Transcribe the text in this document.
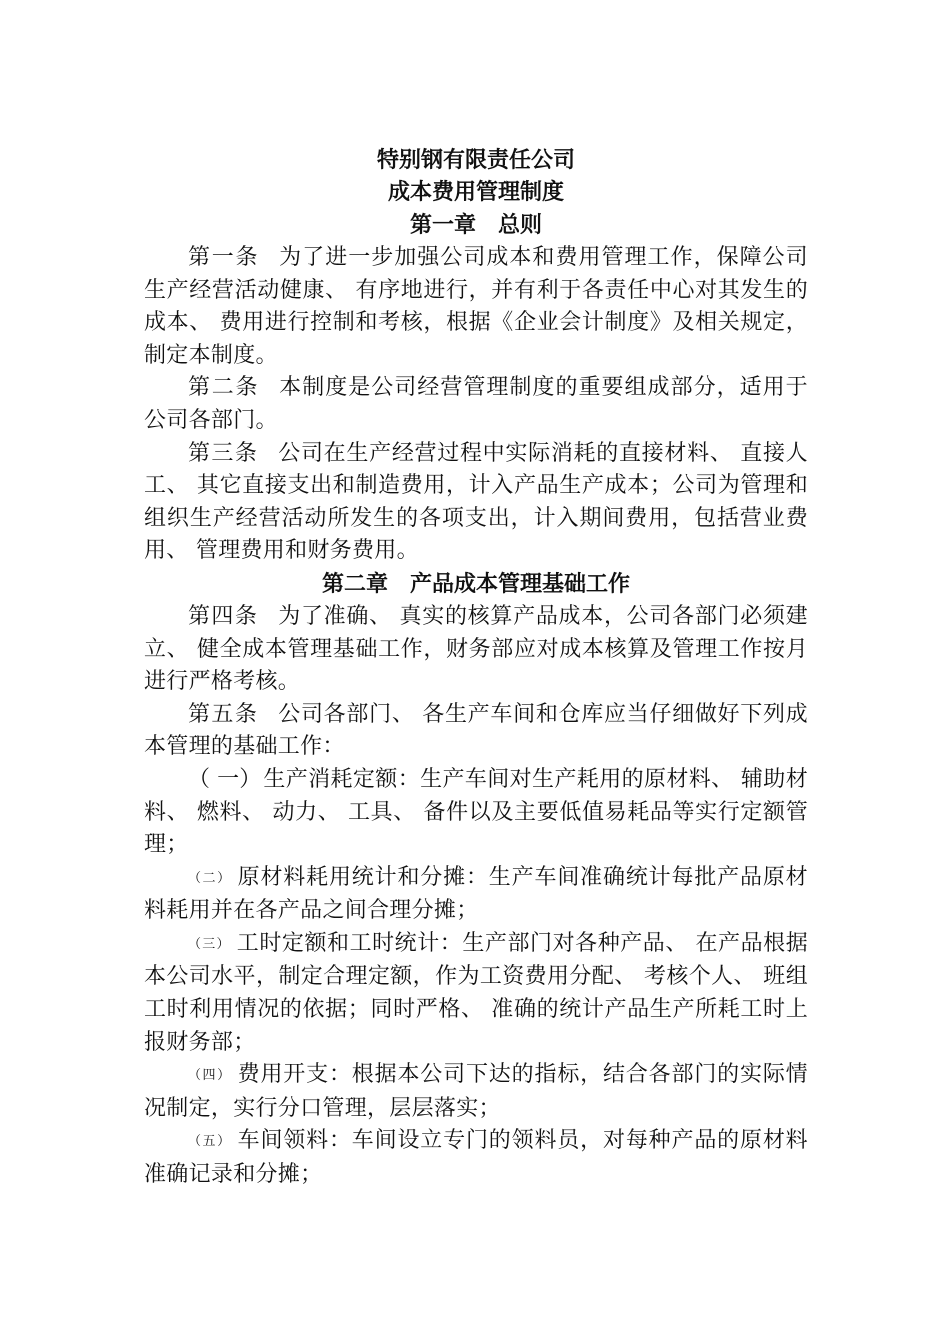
特别钢有限责任公司
成本费用管理制度
第一章　总则

第一条 为了进一步加强公司成本和费用管理工作，保障公司生产经营活动健康、 有序地进行，并有利于各责任中心对其发生的成本、 费用进行控制和考核，根据《企业会计制度》及相关规定，制定本制度。

第二条 本制度是公司经营管理制度的重要组成部分，适用于公司各部门。

第三条 公司在生产经营过程中实际消耗的直接材料、 直接人工、 其它直接支出和制造费用，计入产品生产成本；公司为管理和组织生产经营活动所发生的各项支出，计入期间费用，包括营业费用、 管理费用和财务费用。

第二章　产品成本管理基础工作

第四条 为了准确、 真实的核算产品成本，公司各部门必须建立、 健全成本管理基础工作，财务部应对成本核算及管理工作按月进行严格考核。

第五条 公司各部门、 各生产车间和仓库应当仔细做好下列成本管理的基础工作：

（ 一）生产消耗定额：生产车间对生产耗用的原材料、 辅助材料、 燃料、 动力、 工具、 备件以及主要低值易耗品等实行定额管理；

（二） 原材料耗用统计和分摊：生产车间准确统计每批产品原材料耗用并在各产品之间合理分摊；

（三） 工时定额和工时统计：生产部门对各种产品、 在产品根据本公司水平，制定合理定额，作为工资费用分配、 考核个人、 班组工时利用情况的依据；同时严格、 准确的统计产品生产所耗工时上报财务部；

（四） 费用开支：根据本公司下达的指标，结合各部门的实际情况制定，实行分口管理，层层落实；

（五） 车间领料：车间设立专门的领料员，对每种产品的原材料准确记录和分摊；
